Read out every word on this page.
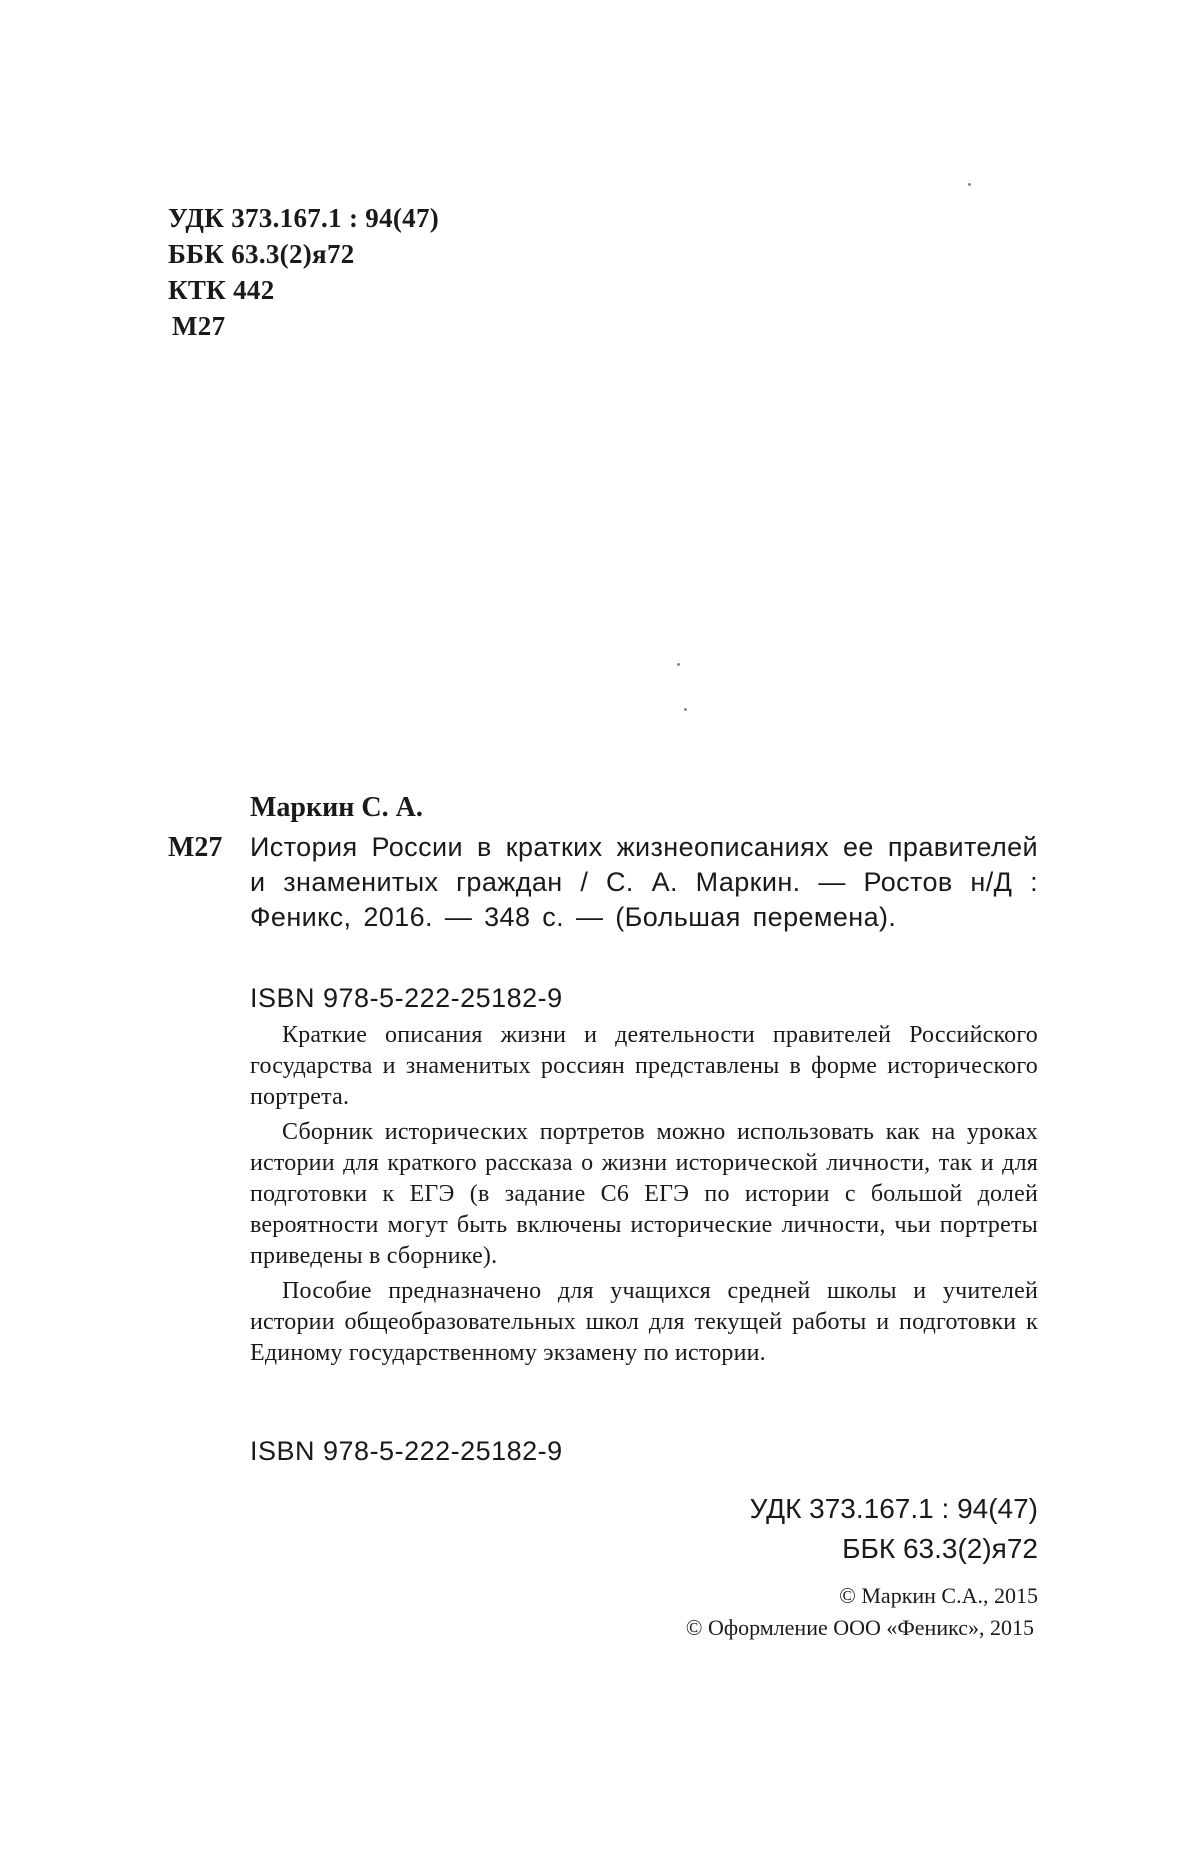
УДК 373.167.1 : 94(47)
ББК 63.3(2)я72
КТК 442
М27
Маркин С. А.
М27 История России в кратких жизнеописаниях ее правителей и знаменитых граждан / С. А. Маркин. — Ростов н/Д : Феникс, 2016. — 348 с. — (Большая перемена).
ISBN 978-5-222-25182-9

Краткие описания жизни и деятельности правителей Российского государства и знаменитых россиян представлены в форме исторического портрета.

Сборник исторических портретов можно использовать как на уроках истории для краткого рассказа о жизни исторической личности, так и для подготовки к ЕГЭ (в задание С6 ЕГЭ по истории с большой долей вероятности могут быть включены исторические личности, чьи портреты приведены в сборнике).

Пособие предназначено для учащихся средней школы и учителей истории общеобразовательных школ для текущей работы и подготовки к Единому государственному экзамену по истории.

ISBN 978-5-222-25182-9
УДК 373.167.1 : 94(47)
ББК 63.3(2)я72
© Маркин С.А., 2015
© Оформление ООО «Феникс», 2015
